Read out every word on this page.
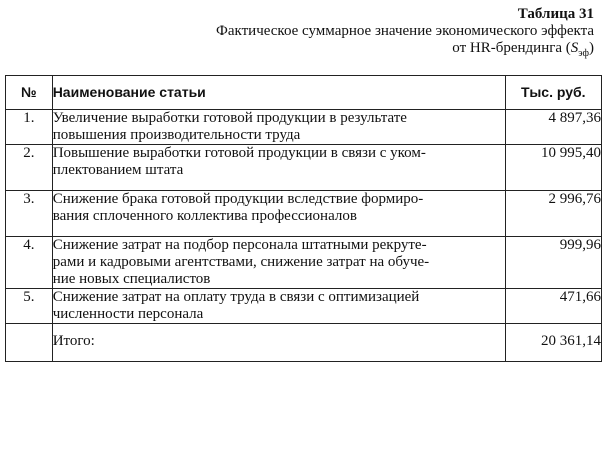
Таблица 31
Фактическое суммарное значение экономического эффекта
от HR-брендинга $(S_{эф})$
№	Наименование статьи	Тыс. руб.
1.	Увеличение выработки готовой продукции в результате
повышения производительности труда	4 897,36
2.	Повышение выработки готовой продукции в связи с уком-
плектованием штата	10 995,40
3.	Снижение брака готовой продукции вследствие формиро-
вания сплоченного коллектива профессионалов	2 996,76
4.	Снижение затрат на подбор персонала штатными рекруте-
рами и кадровыми агентствами, снижение затрат на обуче-
ние новых специалистов	999,96
5.	Снижение затрат на оплату труда в связи с оптимизацией
численности персонала	471,66
	Итого:	20 361,14
